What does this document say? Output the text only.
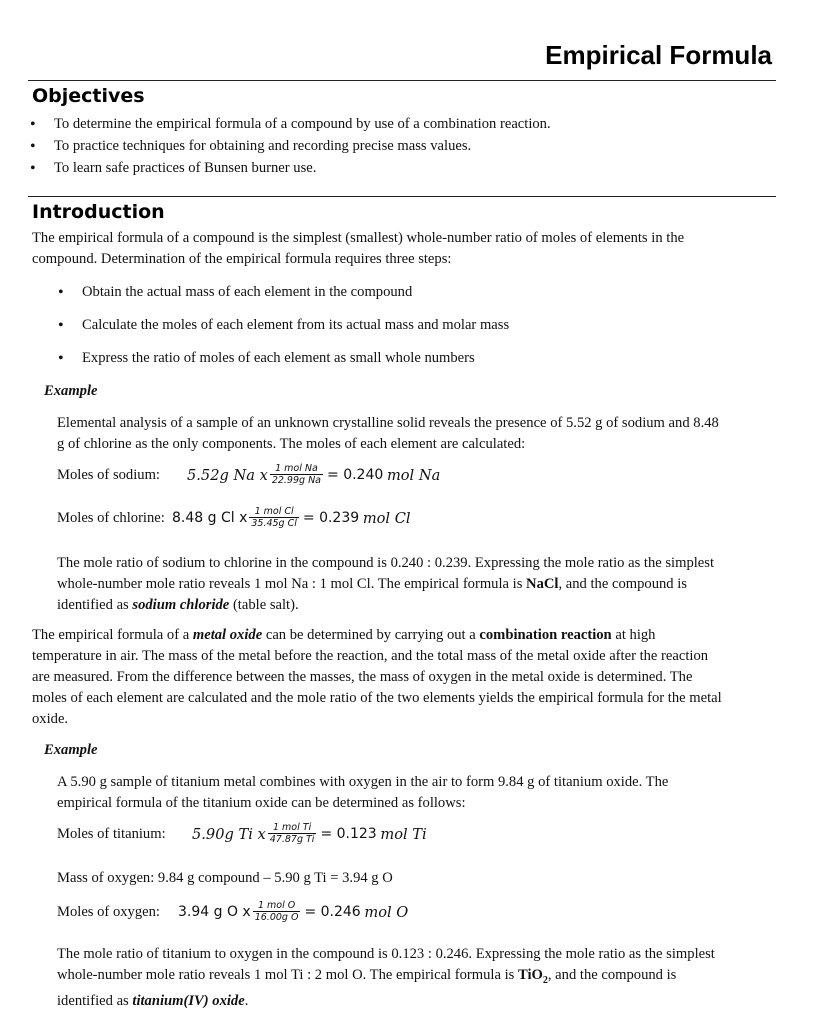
Empirical Formula
Objectives
• To determine the empirical formula of a compound by use of a combination reaction.
• To practice techniques for obtaining and recording precise mass values.
• To learn safe practices of Bunsen burner use.
Introduction
The empirical formula of a compound is the simplest (smallest) whole-number ratio of moles of elements in the
compound. Determination of the empirical formula requires three steps:
• Obtain the actual mass of each element in the compound
• Calculate the moles of each element from its actual mass and molar mass
• Express the ratio of moles of each element as small whole numbers
Example
Elemental analysis of a sample of an unknown crystalline solid reveals the presence of 5.52 g of sodium and 8.48
g of chlorine as the only components. The moles of each element are calculated:
Moles of sodium:	5.52g Na x $\frac{\text{1 mol Na}}{\text{22.99g Na}} = 0.240$
mol Na
Moles of chlorine: 8.48 g Cl x $\frac{\text{1 mol Cl}}{\text{35.45g Cl}} = 0.239$
mol Cl
The mole ratio of sodium to chlorine in the compound is 0.240 : 0.239. Expressing the mole ratio as the simplest
whole-number mole ratio reveals 1 mol Na : 1 mol Cl. The empirical formula is NaCl, and the compound is
identified as sodium chloride (table salt).
The empirical formula of a metal oxide can be determined by carrying out a combination reaction at high
temperature in air. The mass of the metal before the reaction, and the total mass of the metal oxide after the reaction
are measured. From the difference between the masses, the mass of oxygen in the metal oxide is determined. The
moles of each element are calculated and the mole ratio of the two elements yields the empirical formula for the metal
oxide.
Example
A 5.90 g sample of titanium metal combines with oxygen in the air to form 9.84 g of titanium oxide. The
empirical formula of the titanium oxide can be determined as follows:
Moles of titanium:	5.90g Ti x $\frac{\text{1 mol Ti}}{\text{47.87g Ti}} = 0.123$
mol Ti
Mass of oxygen: 9.84 g compound – 5.90 g Ti = 3.94 g O
Moles of oxygen:	3.94 g O x $\frac{\text{1 mol O}}{\text{16.00g O}} = 0.246$
mol O
The mole ratio of titanium to oxygen in the compound is 0.123 : 0.246. Expressing the mole ratio as the simplest
whole-number mole ratio reveals 1 mol Ti : 2 mol O. The empirical formula is TiO$_2$, and the compound is
identified as titanium(IV) oxide.
